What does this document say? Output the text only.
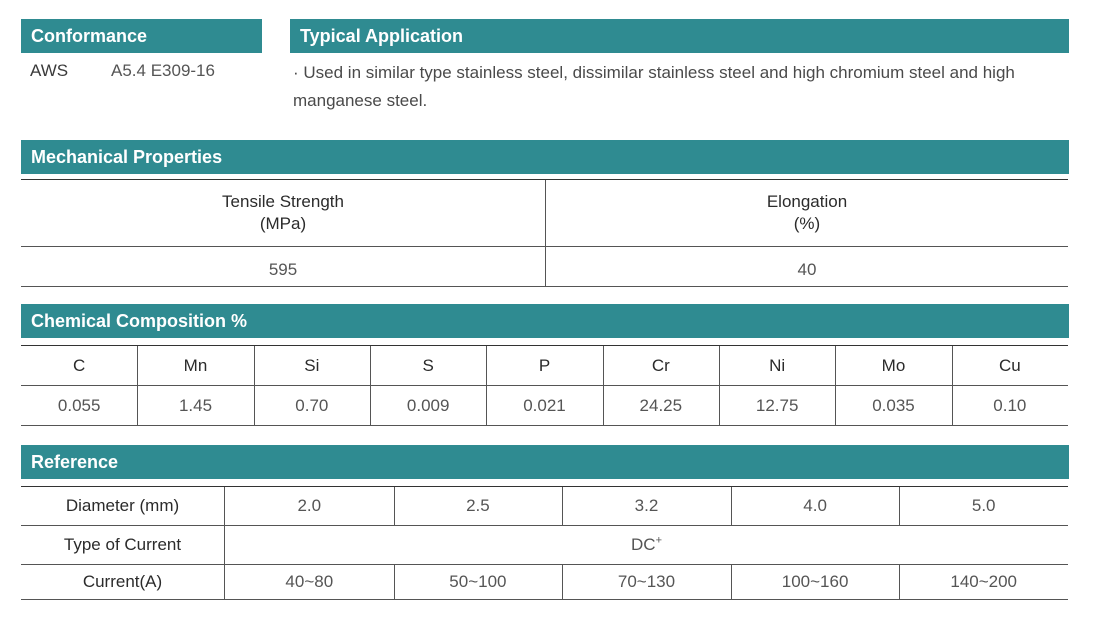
Conformance
AWS	A5.4 E309-16
Typical Application
· Used in similar type stainless steel, dissimilar stainless steel and high chromium steel and high manganese steel.
Mechanical Properties
Tensile Strength
(MPa)
Elongation
(%)
595	40
Chemical Composition %
C
0.055
Mn
1.45
Si
0.70
S
0.009
P
0.021
Cr
24.25
Ni
12.75
Mo
0.035
Cu
0.10
Reference
Diameter (mm)
Type of Current
Current(A)
DC+
2.0
40~80
2.5
50~100
3.2
70~130
4.0
100~160
5.0
140~200
